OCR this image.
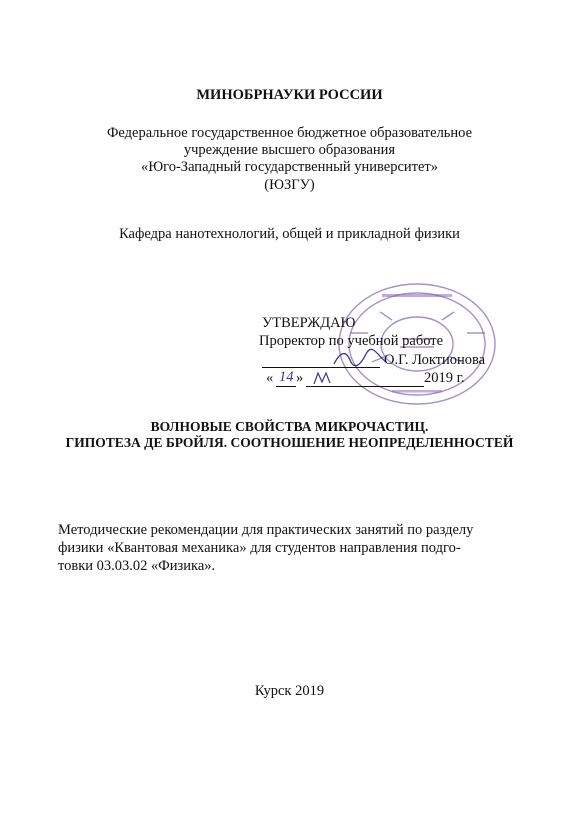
МИНОБРНАУКИ РОССИИ
Федеральное государственное бюджетное образовательное
учреждение высшего образования
«Юго-Западный государственный университет»
(ЮЗГУ)
Кафедра нанотехнологий, общей и прикладной физики
УТВЕРЖДАЮ
Проректор по учебной работе
О.Г. Локтионова
« 14 »	2019 г.
ВОЛНОВЫЕ СВОЙСТВА МИКРОЧАСТИЦ.
ГИПОТЕЗА ДЕ БРОЙЛЯ. СООТНОШЕНИЕ НЕОПРЕДЕЛЕННОСТЕЙ
Методические рекомендации для практических занятий по разделу
физики «Квантовая механика» для студентов направления подго-
товки 03.03.02 «Физика».
Курск 2019
